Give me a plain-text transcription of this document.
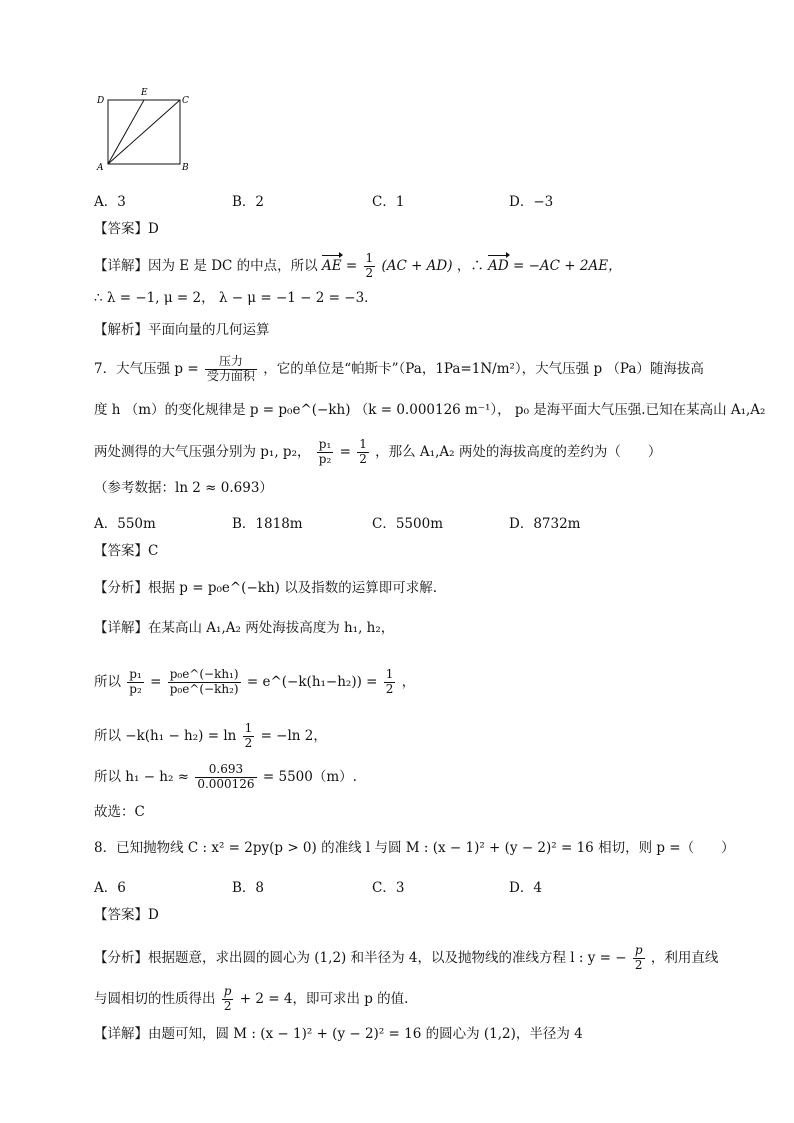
D
E
C
A	B
A．3	B．2	C．1	D．−3
【答案】D
【详解】因为 E 是 DC 的中点，所以 AE = $\frac{1}{2} (AC + AD)$ ，∴ AD = −AC + 2AE，
∴ λ = −1, μ = 2， λ − μ = −1 − 2 = −3．
【解析】平面向量的几何运算
7．大气压强 $p = \frac{\text{压力}}{\text{受力面积}}$ ，它的单位是“帕斯卡”（Pa，1Pa=1N/m²），大气压强 p （Pa）随海拔高
度 h （m）的变化规律是 p = p₀e^(−kh) （k = 0.000126 m⁻¹）， p₀ 是海平面大气压强.已知在某高山 A₁,A₂
两处测得的大气压强分别为 p₁, p₂， $\frac{\text{p₁}}{\text{p₂}} = \frac{1}{2}$ ，那么 A₁,A₂ 两处的海拔高度的差约为（　　）
（参考数据：ln 2 ≈ 0.693）
A．550m	B．1818m	C．5500m	D．8732m
【答案】C
【分析】根据 p = p₀e^(−kh) 以及指数的运算即可求解.
【详解】在某高山 A₁,A₂ 两处海拔高度为 h₁, h₂，
所以 $\frac{\text{p₁}}{\text{p₂}} = \frac{\text{p₀e\textasciicircum{}(−kh₁)}}{\text{p₀e\textasciicircum{}(−kh₂)}}$ = e^(−k(h₁−h₂)) = $\frac{1}{2}$ ，
所以 $-k(h_1 - h_2) = \ln \frac{1}{2} = -\ln$ 2，
所以 $h_1 - h_2 \approx \frac{0.693}{0.000126} = 5500(m)$.
故选：C
8．已知抛物线 C : x² = 2py(p > 0) 的准线 l 与圆 M : (x − 1)² + (y − 2)² = 16 相切，则 p =（　　）
A．6	B．8	C．3	D．4
【答案】D
【分析】根据题意，求出圆的圆心为 (1,2) 和半径为 4，以及抛物线的准线方程 l : y = − $\frac{p}{2}$ ，利用直线
与圆相切的性质得出 $\frac{p}{2} + 2 = 4$，即可求出 p 的值.
【详解】由题可知，圆 M : (x − 1)² + (y − 2)² = 16 的圆心为 (1,2)，半径为 4
